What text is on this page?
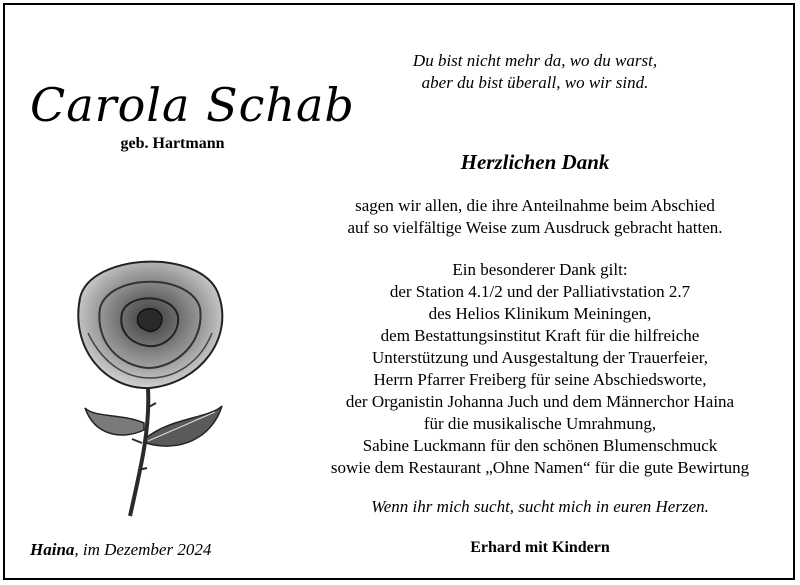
Carola Schab
geb. Hartmann
Du bist nicht mehr da, wo du warst,
aber du bist überall, wo wir sind.
Herzlichen Dank
sagen wir allen, die ihre Anteilnahme beim Abschied
auf so vielfältige Weise zum Ausdruck gebracht hatten.
Ein besonderer Dank gilt:
der Station 4.1/2 und der Palliativstation 2.7
des Helios Klinikum Meiningen,
dem Bestattungsinstitut Kraft für die hilfreiche
Unterstützung und Ausgestaltung der Trauerfeier,
Herrn Pfarrer Freiberg für seine Abschiedsworte,
der Organistin Johanna Juch und dem Männerchor Haina
für die musikalische Umrahmung,
Sabine Luckmann für den schönen Blumenschmuck
sowie dem Restaurant „Ohne Namen“ für die gute Bewirtung
Wenn ihr mich sucht, sucht mich in euren Herzen.
Haina, im Dezember 2024	Erhard mit Kindern
